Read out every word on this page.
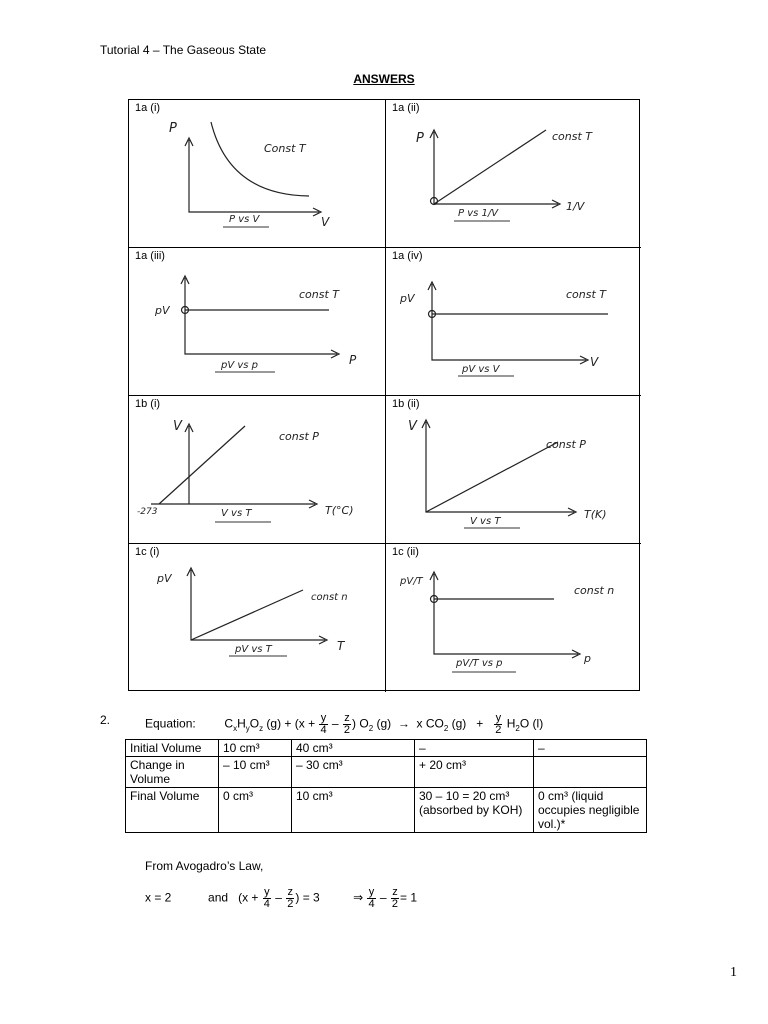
Tutorial 4 – The Gaseous State
ANSWERS
1a (i)
P
V
Const T
P vs V
1a (ii)
P
1/V
const T
P vs 1/V
1a (iii)
pV
P
const T
pV vs p
1a (iv)
pV
V
const T
pV vs V
1b (i)
V
T(°C)
const P
-273	V vs T
1b (ii)
V
T(K)
const P
V vs T
1c (i)
pV
T
const n
pV vs T
1c (ii)
pV/T
p
const n
pV/T vs p
2.	Equation:  $C_xH_yO_z$ $(g) + (x + \frac{y}{4} - \frac{z}{2}$ ) $O_2$ (g)  →  x $CO_2$ $(g) + \frac{y}{2} H_2O$ (l)
Initial Volume	10 cm³	40 cm³	–	–
Change in Volume	– 10 cm³	– 30 cm³	+ 20 cm³	
Final Volume	0 cm³	10 cm³	30 – 10 = 20 cm³ (absorbed by KOH)	0 cm³ (liquid occupies negligible vol.)*
From Avogadro’s Law,
x = 2	and   ($x + \frac{y}{4} - \frac{z}{2}$ ) = 3	⇒ $\frac{y}{4} - \frac{z}{2} = 1$
1
